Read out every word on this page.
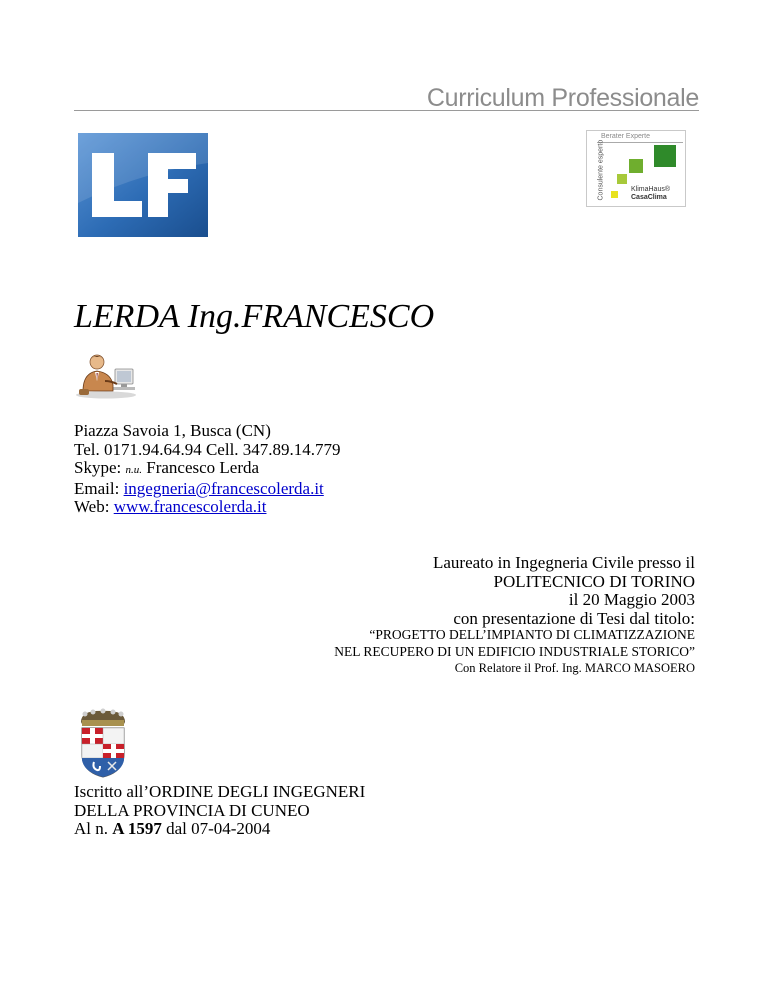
Curriculum Professionale
Berater Experte
Consulente esperto	KlimaHaus®
CasaClima
LERDA Ing.FRANCESCO
Piazza Savoia 1, Busca (CN)
Tel. 0171.94.64.94 Cell. 347.89.14.779
Skype: n.u. Francesco Lerda
Email: ingegneria@francescolerda.it
Web: www.francescolerda.it
Laureato in Ingegneria Civile presso il
POLITECNICO DI TORINO
il 20 Maggio 2003
con presentazione di Tesi dal titolo:
“PROGETTO DELL’IMPIANTO DI CLIMATIZZAZIONE
NEL RECUPERO DI UN EDIFICIO INDUSTRIALE STORICO”
Con Relatore il Prof. Ing. MARCO MASOERO
Iscritto all’ORDINE DEGLI INGEGNERI
DELLA PROVINCIA DI CUNEO
Al n. A 1597 dal 07-04-2004
